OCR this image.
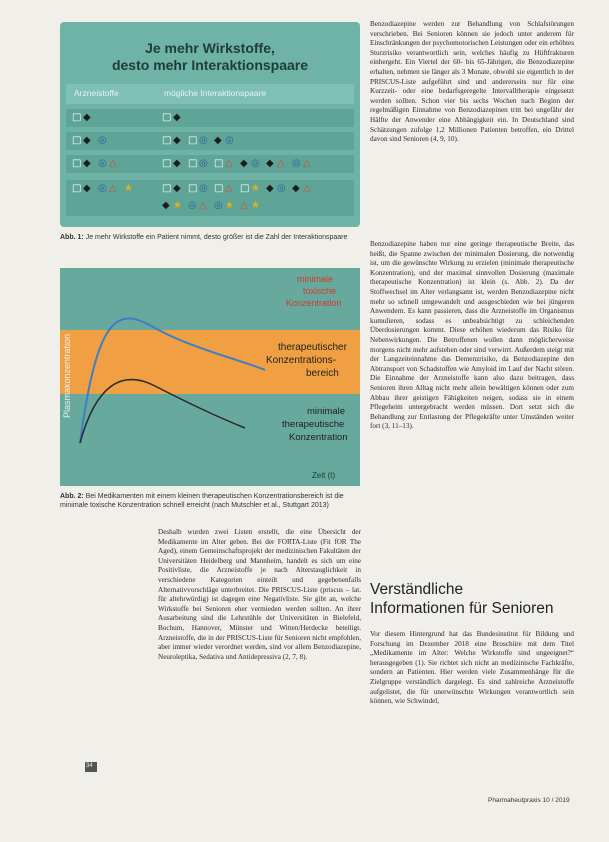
Je mehr Wirkstoffe,
desto mehr Interaktionspaare
Arzneistoffe	mögliche Interaktionspaare
□ ◆	□ ◆
□ ◆ ◎	□ ◆ □ ◎ ◆ ◎
□ ◆ ◎ △	□ ◆ □ ◎ □ △ ◆ ◎ ◆ △ ◎ △
□ ◆ ◎ △ ★	□ ◆ □ ◎ □ △ □ ★ ◆ ◎ ◆ △
◆ ★ ◎ △ ◎ ★ △ ★
Abb. 1: Je mehr Wirkstoffe ein Patient nimmt, desto größer ist die Zahl der Interaktionspaare
Plasmakonzentration
Zeit (t)
minimale toxische Konzentration
therapeutischer Konzentrations- bereich
minimale therapeutische Konzentration
Abb. 2: Bei Medikamenten mit einem kleinen therapeutischen Konzentrationsbereich ist die minimale toxische Konzentration schnell erreicht (nach Mutschler et al., Stuttgart 2013)
Deshalb wurden zwei Listen erstellt, die eine Übersicht der Medikamente im Alter geben. Bei der FORTA-Liste (Fit fOR The Aged), einem Gemeinschaftsprojekt der medizinischen Fakultäten der Universitäten Heidelberg und Mannheim, handelt es sich um eine Positivliste, die Arzneistoffe je nach Alterstauglichkeit in verschiedene Kategorien einteilt und gegebenenfalls Alternativvorschläge unterbreitet. Die PRISCUS-Liste (priscus – lat. für altehrwürdig) ist dagegen eine Negativliste. Sie gibt an, welche Wirkstoffe bei Senioren eher vermieden werden sollten. An ihrer Ausarbeitung sind die Lehrstühle der Universitäten in Bielefeld, Bochum, Hannover, Münster und Witten/Herdecke beteiligt. Arzneistoffe, die in der PRISCUS-Liste für Senioren nicht empfohlen, aber immer wieder verordnet werden, sind vor allem Benzodiazepine, Neuroleptika, Sedativa und Antidepressiva (2, 7, 8).
Benzodiazepine werden zur Behandlung von Schlafstörungen verschrieben. Bei Senioren können sie jedoch unter anderem für Einschränkungen der psychomotorischen Leistungen oder ein erhöhtes Sturzrisiko verantwortlich sein, welches häufig zu Hüftfrakturen einhergeht. Ein Viertel der 60- bis 65-Jährigen, die Benzodiazepine erhalten, nehmen sie länger als 3 Monate, obwohl sie eigentlich in der PRISCUS-Liste aufgeführt sind und andererseits nur für eine Kurzzeit- oder eine bedarfsgeregelte Intervalltherapie eingesetzt werden sollten. Schon vier bis sechs Wochen nach Beginn der regelmäßigen Einnahme von Benzodiazepinen tritt bei ungefähr der Hälfte der Anwender eine Abhängigkeit ein. In Deutschland sind Schätzungen zufolge 1,2 Millionen Patienten betroffen, ein Drittel davon sind Senioren (4, 9, 10).
Benzodiazepine haben nur eine geringe therapeutische Breite, das heißt, die Spanne zwischen der minimalen Dosierung, die notwendig ist, um die gewünschte Wirkung zu erzielen (minimale therapeutische Konzentration), und der maximal sinnvollen Dosierung (maximale therapeutische Konzentration) ist klein (s. Abb. 2). Da der Stoffwechsel im Alter verlangsamt ist, werden Benzodiazepine nicht mehr so schnell umgewandelt und ausgeschieden wie bei jüngeren Anwendern. Es kann passieren, dass die Arzneistoffe im Organismus kumulieren, sodass es unbeabsichtigt zu schleichenden Überdosierungen kommt. Diese erhöhen wiederum das Risiko für Nebenwirkungen. Die Betroffenen wollen dann möglicherweise morgens nicht mehr aufstehen oder sind verwirrt. Außerdem steigt mit der Langzeiteinnahme das Demenzrisiko, da Benzodiazepine den Abtransport von Schadstoffen wie Amyloid im Lauf der Nacht stören. Die Einnahme der Arzneistoffe kann also dazu beitragen, dass Senioren ihren Alltag nicht mehr allein bewältigen können oder zum Abbau ihrer geistigen Fähigkeiten neigen, sodass sie in einem Pflegeheim untergebracht werden müssen. Dort setzt sich die Behandlung zur Entlastung der Pflegekräfte unter Umständen weiter fort (3, 11–13).
Verständliche
Informationen für Senioren
Vor diesem Hintergrund hat das Bundesinstitut für Bildung und Forschung im Dezember 2018 eine Broschüre mit dem Titel „Medikamente im Alter: Welche Wirkstoffe sind ungeeignet?“ herausgegeben (1). Sie richtet sich nicht an medizinische Fachkräfte, sondern an Patienten. Hier werden viele Zusammenhänge für die Zielgruppe verständlich dargelegt. Es sind zahlreiche Arzneistoffe aufgelistet, die für unerwünschte Wirkungen verantwortlich sein können, wie Schwindel,
34
Pharmaheutpraxis 10 / 2019
